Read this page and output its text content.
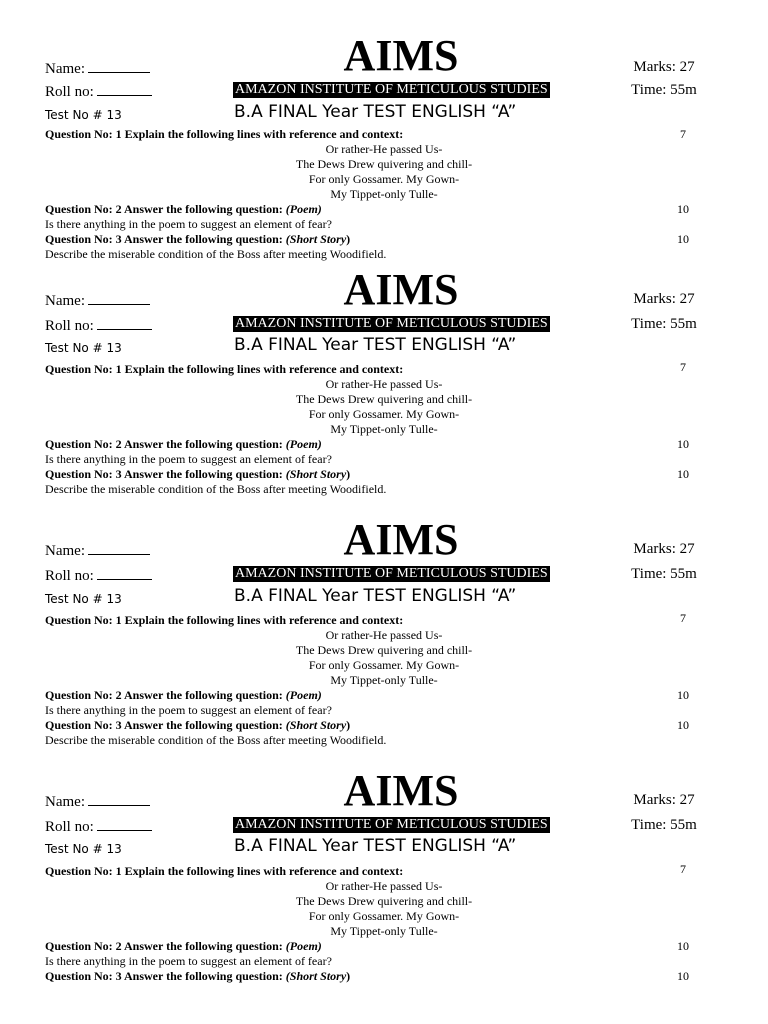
AIMS
Name:	Marks: 27
Roll no:	AMAZON INSTITUTE OF METICULOUS STUDIES	Time: 55m
Test No # 13	B.A FINAL Year TEST ENGLISH “A”
Question No: 1 Explain the following lines with reference and context:	7
Or rather-He passed Us-
The Dews Drew quivering and chill-
For only Gossamer. My Gown-
My Tippet-only Tulle-
Question No: 2 Answer the following question: (Poem)	10
Is there anything in the poem to suggest an element of fear?
Question No: 3 Answer the following question: (Short Story)	10
Describe the miserable condition of the Boss after meeting Woodifield.
AIMS
Name:	Marks: 27
Roll no:	AMAZON INSTITUTE OF METICULOUS STUDIES	Time: 55m
Test No # 13	B.A FINAL Year TEST ENGLISH “A”
Question No: 1 Explain the following lines with reference and context:	7
Or rather-He passed Us-
The Dews Drew quivering and chill-
For only Gossamer. My Gown-
My Tippet-only Tulle-
Question No: 2 Answer the following question: (Poem)	10
Is there anything in the poem to suggest an element of fear?
Question No: 3 Answer the following question: (Short Story)	10
Describe the miserable condition of the Boss after meeting Woodifield.
AIMS
Name:	Marks: 27
Roll no:	AMAZON INSTITUTE OF METICULOUS STUDIES	Time: 55m
Test No # 13	B.A FINAL Year TEST ENGLISH “A”
Question No: 1 Explain the following lines with reference and context:	7
Or rather-He passed Us-
The Dews Drew quivering and chill-
For only Gossamer. My Gown-
My Tippet-only Tulle-
Question No: 2 Answer the following question: (Poem)	10
Is there anything in the poem to suggest an element of fear?
Question No: 3 Answer the following question: (Short Story)	10
Describe the miserable condition of the Boss after meeting Woodifield.
AIMS
Name:	Marks: 27
Roll no:	AMAZON INSTITUTE OF METICULOUS STUDIES	Time: 55m
Test No # 13	B.A FINAL Year TEST ENGLISH “A”
Question No: 1 Explain the following lines with reference and context:	7
Or rather-He passed Us-
The Dews Drew quivering and chill-
For only Gossamer. My Gown-
My Tippet-only Tulle-
Question No: 2 Answer the following question: (Poem)	10
Is there anything in the poem to suggest an element of fear?
Question No: 3 Answer the following question: (Short Story)	10
